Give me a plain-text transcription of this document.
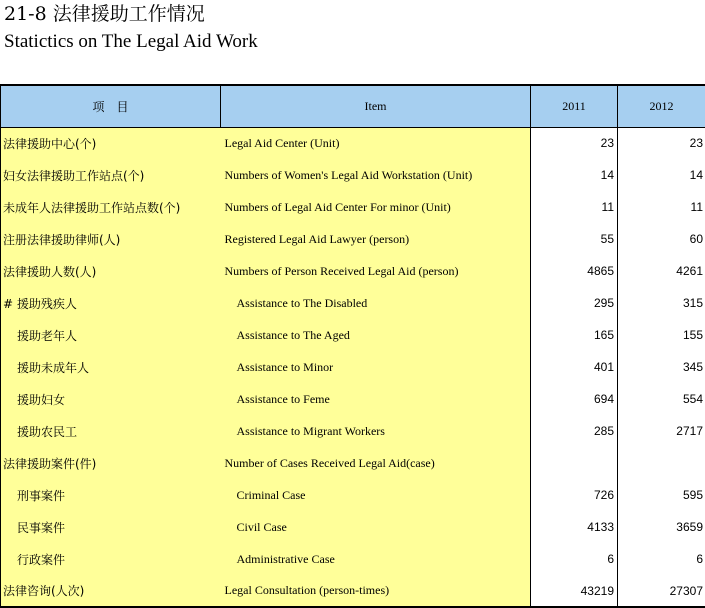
21-8 法律援助工作情况
Statictics on The Legal Aid Work
项　目	Item	2011	2012
法律援助中心(个)	Legal Aid Center (Unit)	23	23
妇女法律援助工作站点(个)	Numbers of Women's Legal Aid Workstation (Unit)	14	14
未成年人法律援助工作站点数(个)	Numbers of Legal Aid Center For minor (Unit)	11	11
注册法律援助律师(人)	Registered Legal Aid Lawyer (person)	55	60
法律援助人数(人)	Numbers of Person Received Legal Aid (person)	4865	4261
# 援助残疾人	Assistance to The Disabled	295	315
援助老年人	Assistance to The Aged	165	155
援助未成年人	Assistance to Minor	401	345
援助妇女	Assistance to Feme	694	554
援助农民工	Assistance to Migrant Workers	285	2717
法律援助案件(件)	Number of Cases Received Legal Aid(case)		
刑事案件	Criminal Case	726	595
民事案件	Civil Case	4133	3659
行政案件	Administrative Case	6	6
法律咨询(人次)	Legal Consultation (person-times)	43219	27307
